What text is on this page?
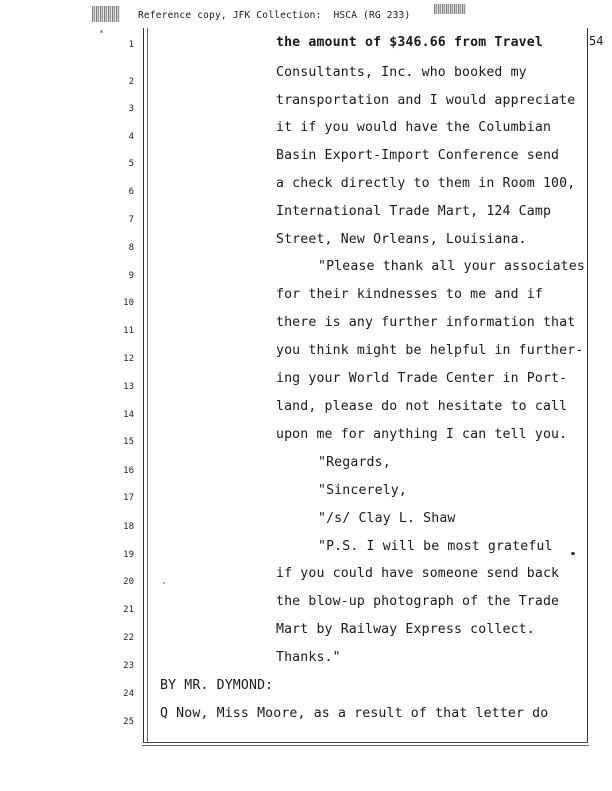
Reference copy, JFK Collection: HSCA (RG 233)
54
1
2
3
4
5
6
7
8
9
10
11
12
13
14
15
16
17
18
19
20
21
22
23
24
25
the amount of $346.66 from Travel
Consultants, Inc. who booked my
transportation and I would appreciate
it if you would have the Columbian
Basin Export-Import Conference send
a check directly to them in Room 100,
International Trade Mart, 124 Camp
Street, New Orleans, Louisiana.
"Please thank all your associates
for their kindnesses to me and if
there is any further information that
you think might be helpful in further-
ing your World Trade Center in Port-
land, please do not hesitate to call
upon me for anything I can tell you.
"Regards,
"Sincerely,
"/s/ Clay L. Shaw
"P.S. I will be most grateful
if you could have someone send back
the blow-up photograph of the Trade
Mart by Railway Express collect.
Thanks."
BY MR. DYMOND:
Q Now, Miss Moore, as a result of that letter do
